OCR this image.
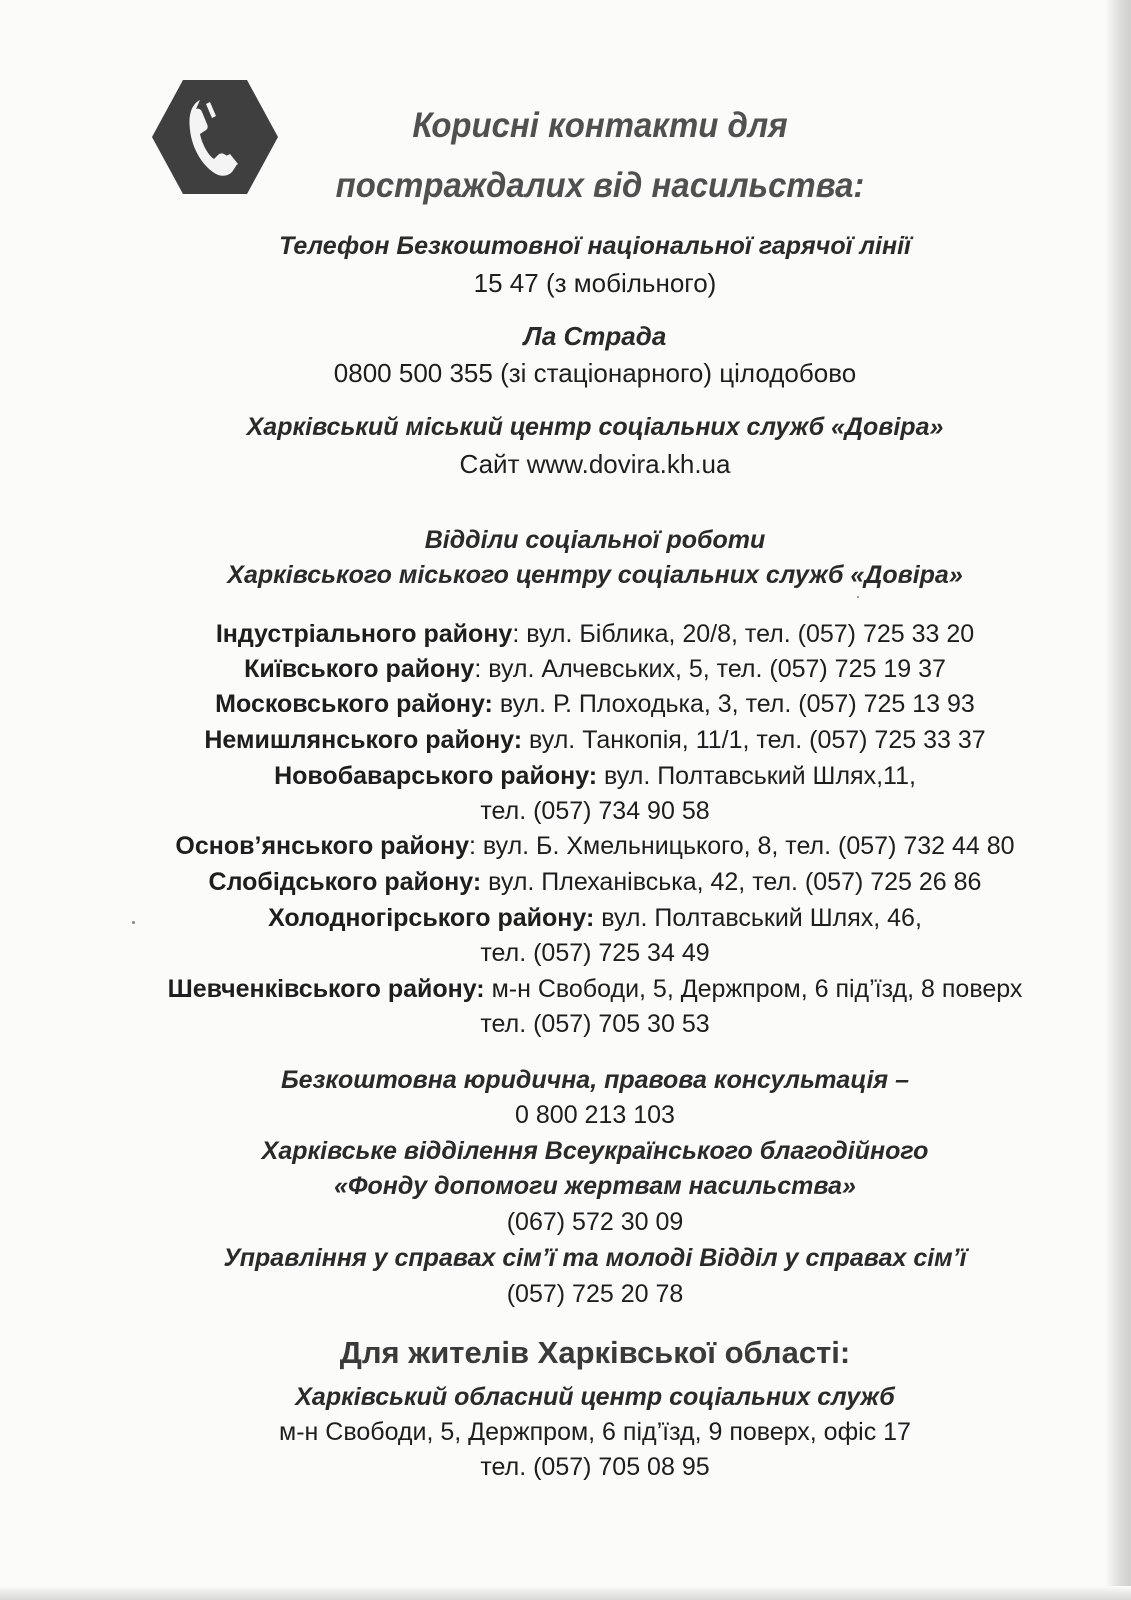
Корисні контакти для
постраждалих від насильства:
Телефон Безкоштовної національної гарячої лінії
15 47 (з мобільного)
Ла Страда
0800 500 355 (зі стаціонарного) цілодобово
Харківський міський центр соціальних служб «Довіра»
Сайт www.dovira.kh.ua
Відділи соціальної роботи
Харківського міського центру соціальних служб «Довіра»
Індустріального району: вул. Біблика, 20/8, тел. (057) 725 33 20
Київського району: вул. Алчевських, 5, тел. (057) 725 19 37
Московського району: вул. Р. Плоходька, 3, тел. (057) 725 13 93
Немишлянського району: вул. Танкопія, 11/1, тел. (057) 725 33 37
Новобаварського району: вул. Полтавський Шлях,11,
тел. (057) 734 90 58
Основ’янського району: вул. Б. Хмельницького, 8, тел. (057) 732 44 80
Слобідського району: вул. Плеханівська, 42, тел. (057) 725 26 86
Холодногірського району: вул. Полтавський Шлях, 46,
тел. (057) 725 34 49
Шевченківського району: м-н Свободи, 5, Держпром, 6 під’їзд, 8 поверх
тел. (057) 705 30 53
Безкоштовна юридична, правова консультація –
0 800 213 103
Харківське відділення Всеукраїнського благодійного
«Фонду допомоги жертвам насильства»
(067) 572 30 09
Управління у справах сім’ї та молоді Відділ у справах сім’ї
(057) 725 20 78
Для жителів Харківської області:
Харківський обласний центр соціальних служб
м-н Свободи, 5, Держпром, 6 під’їзд, 9 поверх, офіс 17
тел. (057) 705 08 95
